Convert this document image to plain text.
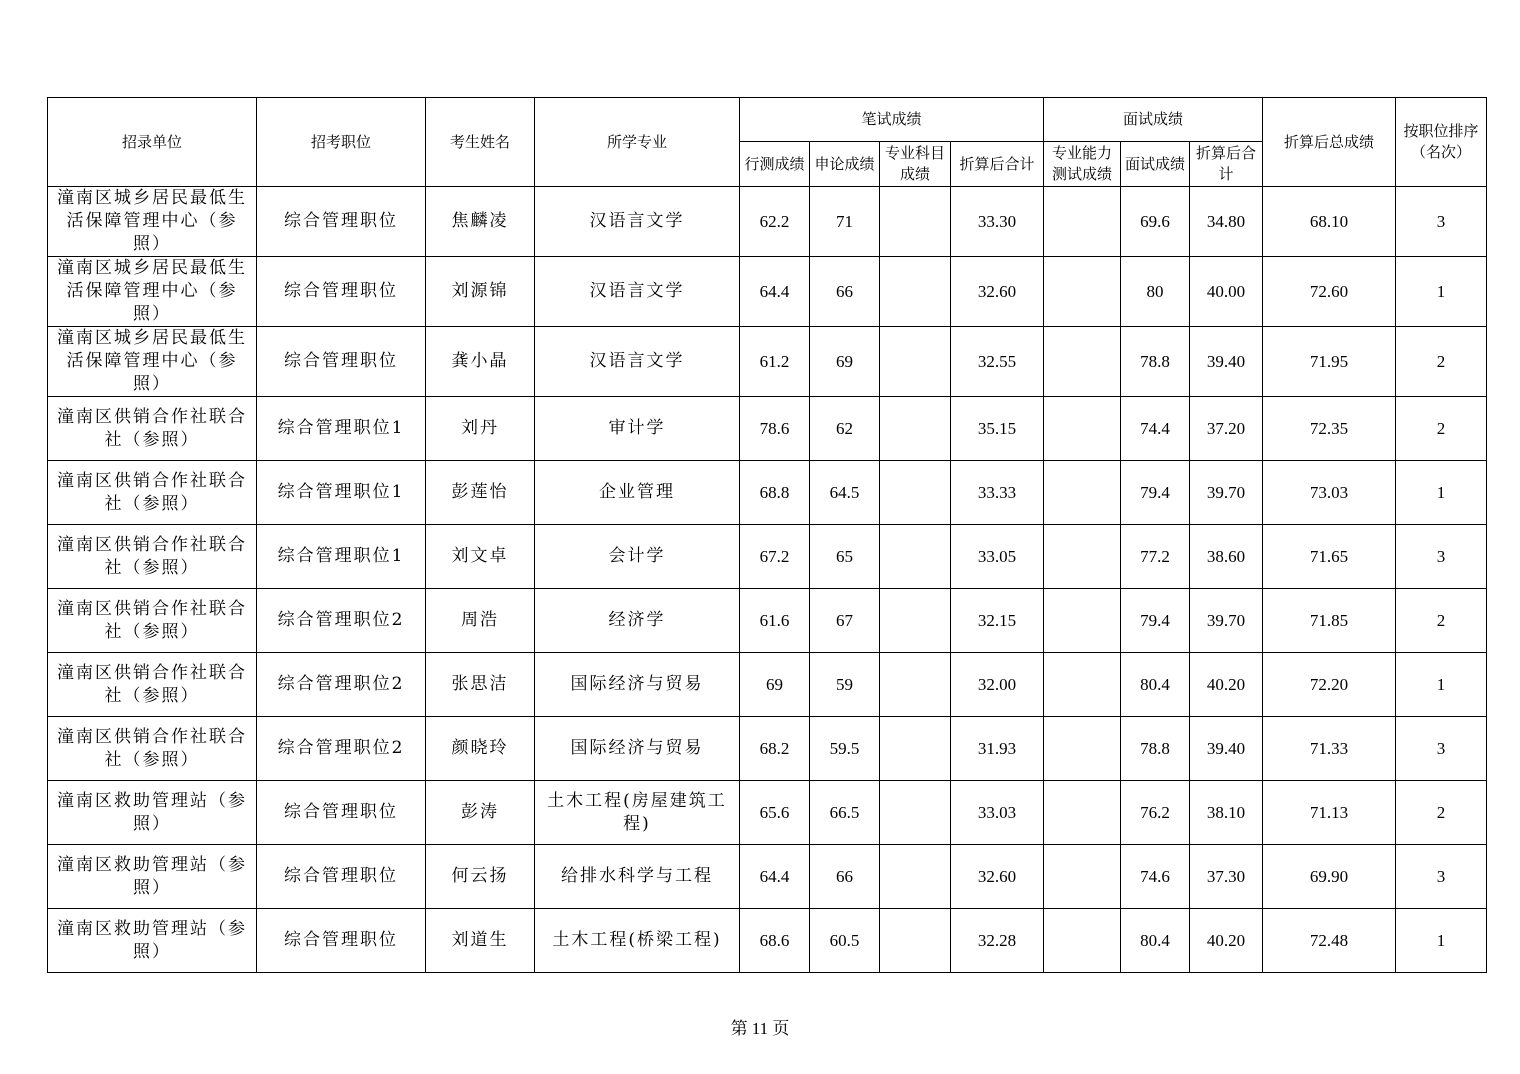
招录单位	招考职位	考生姓名	所学专业	笔试成绩				面试成绩			折算后总成绩	按职位排序（名次）
				行测成绩	申论成绩	专业科目成绩	折算后合计	专业能力测试成绩	面试成绩	折算后合计		
潼南区城乡居民最低生活保障管理中心（参照）	综合管理职位	焦麟凌	汉语言文学	62.2	71		33.30		69.6	34.80	68.10	3
潼南区城乡居民最低生活保障管理中心（参照）	综合管理职位	刘源锦	汉语言文学	64.4	66		32.60		80	40.00	72.60	1
潼南区城乡居民最低生活保障管理中心（参照）	综合管理职位	龚小晶	汉语言文学	61.2	69		32.55		78.8	39.40	71.95	2
潼南区供销合作社联合社（参照）	综合管理职位1	刘丹	审计学	78.6	62		35.15		74.4	37.20	72.35	2
潼南区供销合作社联合社（参照）	综合管理职位1	彭莲怡	企业管理	68.8	64.5		33.33		79.4	39.70	73.03	1
潼南区供销合作社联合社（参照）	综合管理职位1	刘文卓	会计学	67.2	65		33.05		77.2	38.60	71.65	3
潼南区供销合作社联合社（参照）	综合管理职位2	周浩	经济学	61.6	67		32.15		79.4	39.70	71.85	2
潼南区供销合作社联合社（参照）	综合管理职位2	张思洁	国际经济与贸易	69	59		32.00		80.4	40.20	72.20	1
潼南区供销合作社联合社（参照）	综合管理职位2	颜晓玲	国际经济与贸易	68.2	59.5		31.93		78.8	39.40	71.33	3
潼南区救助管理站（参照）	综合管理职位	彭涛	土木工程(房屋建筑工程)	65.6	66.5		33.03		76.2	38.10	71.13	2
潼南区救助管理站（参照）	综合管理职位	何云扬	给排水科学与工程	64.4	66		32.60		74.6	37.30	69.90	3
潼南区救助管理站（参照）	综合管理职位	刘道生	土木工程(桥梁工程)	68.6	60.5		32.28		80.4	40.20	72.48	1
第 11 页
